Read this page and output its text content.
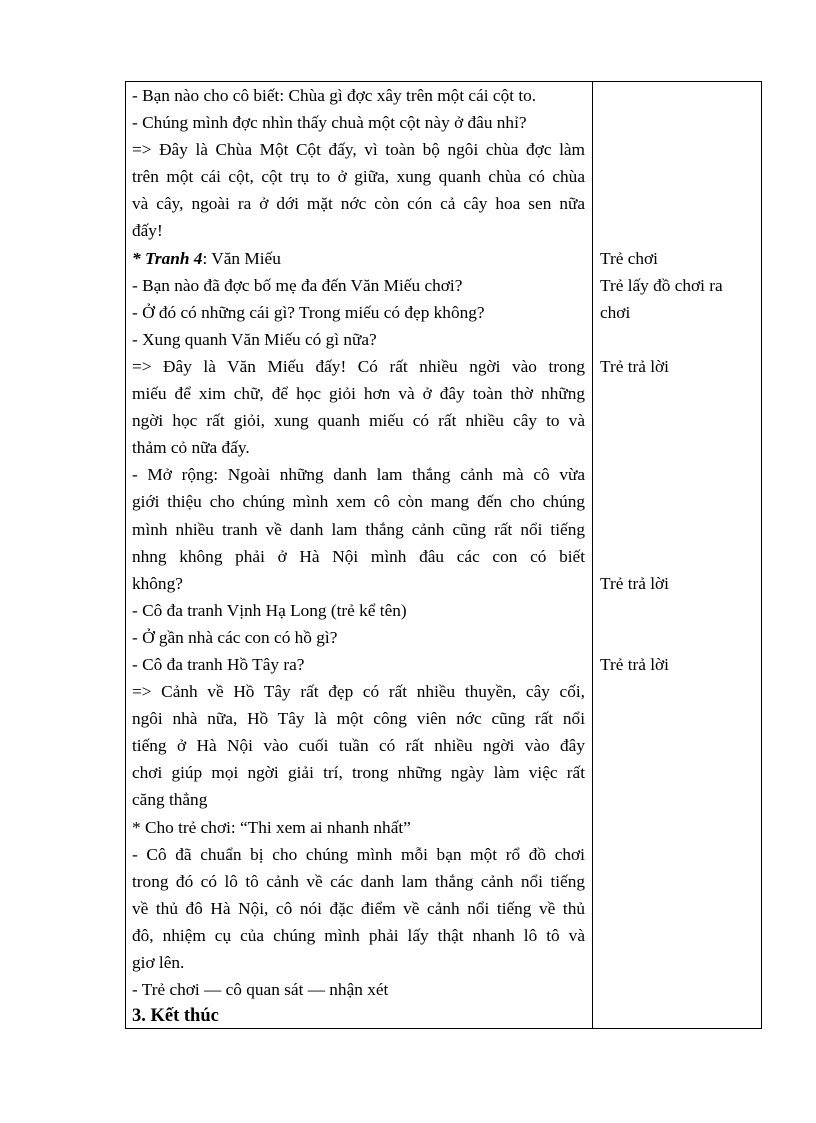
- Bạn nào cho cô biết: Chùa gì đợc xây trên một cái cột to.
- Chúng mình đợc nhìn thấy chuà một cột này ở đâu nhỉ?
=> Đây là Chùa Một Cột đấy, vì toàn bộ ngôi chùa đợc làm
trên một cái cột, cột trụ to ở giữa, xung quanh chùa có chùa
và cây, ngoài ra ở dới mặt nớc còn cón cả cây hoa sen nữa
đấy!
* Tranh 4: Văn Miếu
- Bạn nào đã đợc bố mẹ đa đến Văn Miếu chơi?
- Ở đó có những cái gì? Trong miếu có đẹp không?
- Xung quanh Văn Miếu có gì nữa?
=> Đây là Văn Miếu đấy! Có rất nhiều ngời vào trong
miếu để xim chữ, để học giỏi hơn và ở đây toàn thờ những
ngời học rất giỏi, xung quanh miếu có rất nhiều cây to và
thảm cỏ nữa đấy.
- Mở rộng: Ngoài những danh lam thắng cảnh mà cô vừa
giới thiệu cho chúng mình xem cô còn mang đến cho chúng
mình nhiều tranh về danh lam thắng cảnh cũng rất nổi tiếng
nhng không phải ở Hà Nội mình đâu các con có biết
không?
- Cô đa tranh Vịnh Hạ Long (trẻ kể tên)
- Ở gần nhà các con có hồ gì?
- Cô đa tranh Hồ Tây ra?
=> Cảnh về Hồ Tây rất đẹp có rất nhiều thuyền, cây cối,
ngôi nhà nữa, Hồ Tây là một công viên nớc cũng rất nổi
tiếng ở Hà Nội vào cuối tuần có rất nhiều ngời vào đây
chơi giúp mọi ngời giải trí, trong những ngày làm việc rất
căng thẳng
* Cho trẻ chơi: “Thi xem ai nhanh nhất”
- Cô đã chuẩn bị cho chúng mình mỗi bạn một rổ đồ chơi
trong đó có lô tô cảnh về các danh lam thắng cảnh nổi tiếng
về thủ đô Hà Nội, cô nói đặc điểm về cảnh nổi tiếng về thủ
đô, nhiệm cụ của chúng mình phải lấy thật nhanh lô tô và
giơ lên.
- Trẻ chơi — cô quan sát — nhận xét
3. Kết thúc
Trẻ chơi
Trẻ lấy đồ chơi ra
chơi
Trẻ trả lời
Trẻ trả lời
Trẻ trả lời
